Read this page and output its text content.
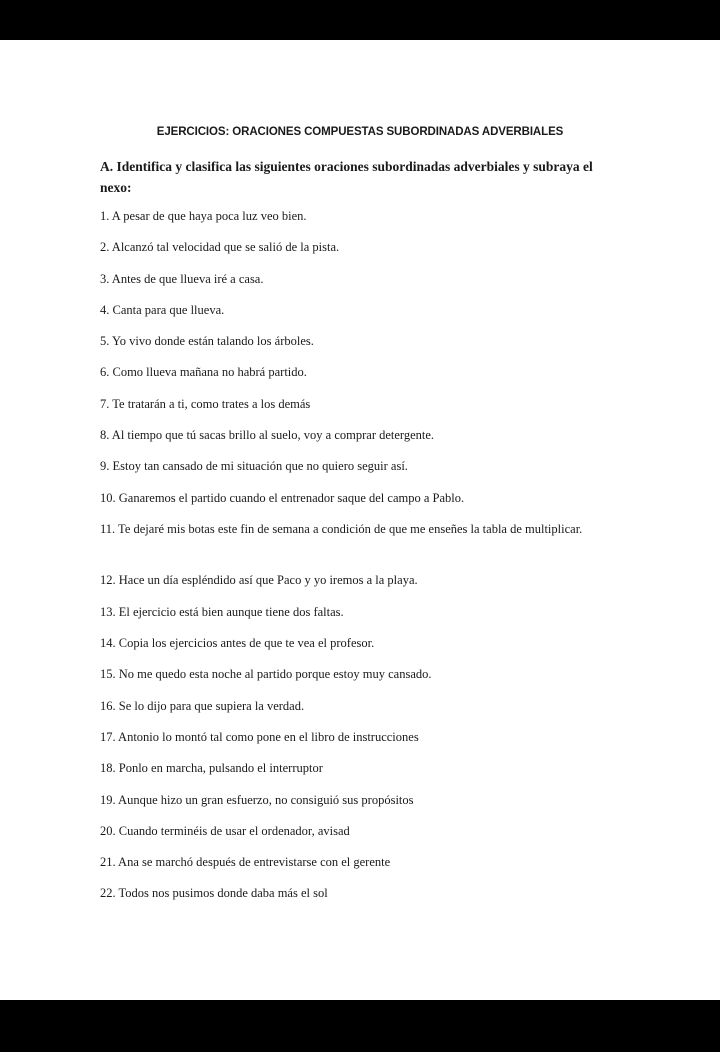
EJERCICIOS: ORACIONES COMPUESTAS SUBORDINADAS ADVERBIALES
A. Identifica y clasifica las siguientes oraciones subordinadas adverbiales y subraya el nexo:
1. A pesar de que haya poca luz veo bien.
2. Alcanzó tal velocidad que se salió de la pista.
3. Antes de que llueva iré a casa.
4. Canta para que llueva.
5. Yo vivo donde están talando los árboles.
6. Como llueva mañana no habrá partido.
7. Te tratarán a ti, como trates a los demás
8. Al tiempo que tú sacas brillo al suelo, voy a comprar detergente.
9. Estoy tan cansado de mi situación que no quiero seguir así.
10. Ganaremos el partido cuando el entrenador saque del campo a Pablo.
11. Te dejaré mis botas este fin de semana a condición de que me enseñes la tabla de multiplicar.
12. Hace un día espléndido así que Paco y yo iremos a la playa.
13. El ejercicio está bien aunque tiene dos faltas.
14. Copia los ejercicios antes de que te vea el profesor.
15. No me quedo esta noche al partido porque estoy muy cansado.
16. Se lo dijo para que supiera la verdad.
17. Antonio lo montó tal como pone en el libro de instrucciones
18. Ponlo en marcha, pulsando el interruptor
19. Aunque hizo un gran esfuerzo, no consiguió sus propósitos
20. Cuando terminéis de usar el ordenador, avisad
21. Ana se marchó después de entrevistarse con el gerente
22. Todos nos pusimos donde daba más el sol
